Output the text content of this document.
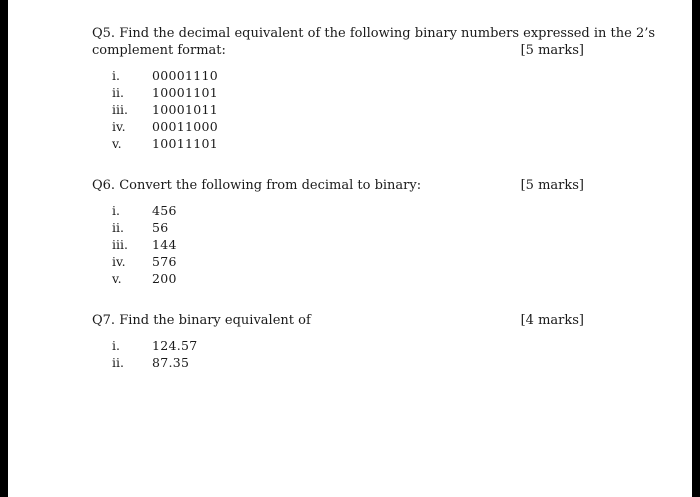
Q5. Find the decimal equivalent of the following binary numbers expressed in the 2’s
complement format:	[5 marks]
i.	00001110
ii. 10001101
iii. 10001011
iv. 00011000
v. 10011101
Q6. Convert the following from decimal to binary:	[5 marks]
i.	456
ii. 56
iii. 144
iv. 576
v. 200
Q7. Find the binary equivalent of	[4 marks]
i.	124.57
ii. 87.35
